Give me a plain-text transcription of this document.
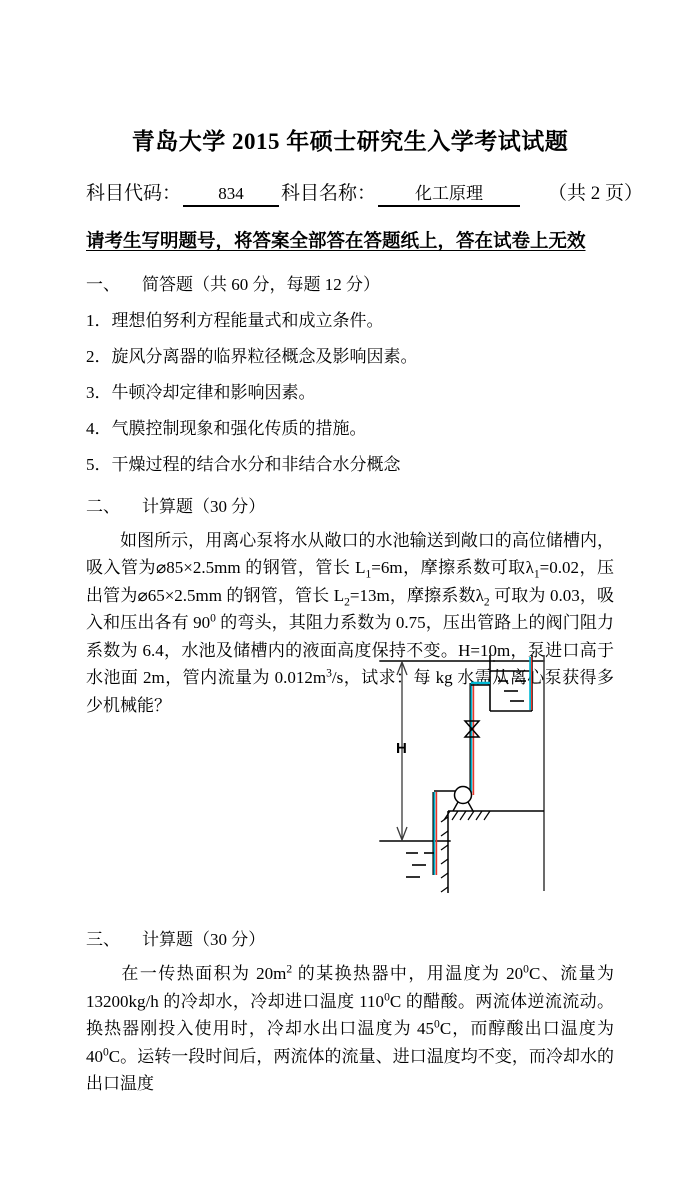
青岛大学 2015 年硕士研究生入学考试试题
科目代码：	834	科目名称：	化工原理	（共 2 页）
请考生写明题号，将答案全部答在答题纸上，答在试卷上无效
一、 简答题（共 60 分，每题 12 分）
1．理想伯努利方程能量式和成立条件。
2．旋风分离器的临界粒径概念及影响因素。
3．牛顿冷却定律和影响因素。
4．气膜控制现象和强化传质的措施。
5．干燥过程的结合水分和非结合水分概念
二、 计算题（30 分）
如图所示，用离心泵将水从敞口的水池输送到敞口的高位储槽内，吸入管为⌀85×2.5mm 的钢管，管长 $L_1=6m$，摩擦系数可取$\lambda_1=0.02$，压出管为⌀65×2.5mm 的钢管，管长 $L_2=13m$，摩擦系数$\lambda_2$ 可取为 0.03，吸入和压出各有 $90^0$ 的弯头，其阻力系数为 0.75，压出管路上的阀门阻力系数为 6.4，水池及储槽内的液面高度保持不变。H=10m，泵进口高于水池面 2m，管内流量为 $0.012m^3/s$，试求：每 kg 水需从离心泵获得多少机械能？
H
三、 计算题（30 分）
在一传热面积为 $20m^2$ 的某换热器中，用温度为 $20^0C$、流量为13200kg/h 的冷却水，冷却进口温度 $110^0C$ 的醋酸。两流体逆流流动。换热器刚投入使用时，冷却水出口温度为 $45^0C$，而醇酸出口温度为 $40^0C$。运转一段时间后，两流体的流量、进口温度均不变，而冷却水的出口温度
